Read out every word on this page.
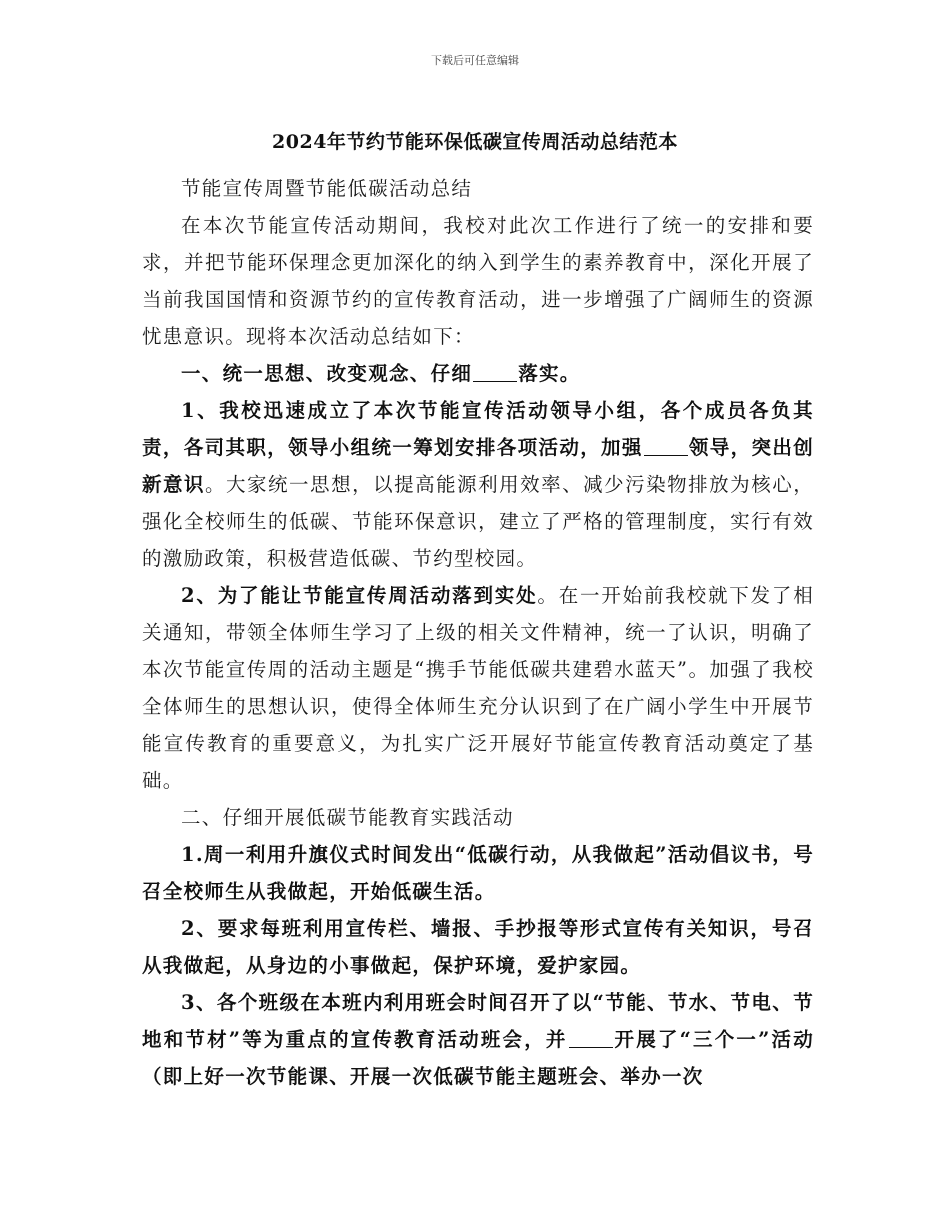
下载后可任意编辑
2024年节约节能环保低碳宣传周活动总结范本

节能宣传周暨节能低碳活动总结

在本次节能宣传活动期间，我校对此次工作进行了统一的安排和要求，并把节能环保理念更加深化的纳入到学生的素养教育中，深化开展了当前我国国情和资源节约的宣传教育活动，进一步增强了广阔师生的资源忧患意识。现将本次活动总结如下：

一、统一思想、改变观念、仔细 落实。

1、我校迅速成立了本次节能宣传活动领导小组，各个成员各负其责，各司其职，领导小组统一筹划安排各项活动，加强 领导，突出创新意识。大家统一思想，以提高能源利用效率、减少污染物排放为核心，强化全校师生的低碳、节能环保意识，建立了严格的管理制度，实行有效的激励政策，积极营造低碳、节约型校园。

2、为了能让节能宣传周活动落到实处。在一开始前我校就下发了相关通知，带领全体师生学习了上级的相关文件精神，统一了认识，明确了本次节能宣传周的活动主题是“携手节能低碳共建碧水蓝天”。加强了我校全体师生的思想认识，使得全体师生充分认识到了在广阔小学生中开展节能宣传教育的重要意义，为扎实广泛开展好节能宣传教育活动奠定了基础。

二、仔细开展低碳节能教育实践活动

1.周一利用升旗仪式时间发出“低碳行动，从我做起”活动倡议书，号召全校师生从我做起，开始低碳生活。

2、要求每班利用宣传栏、墙报、手抄报等形式宣传有关知识，号召从我做起，从身边的小事做起，保护环境，爱护家园。

3、各个班级在本班内利用班会时间召开了以“节能、节水、节电、节地和节材”等为重点的宣传教育活动班会，并 开展了“三个一”活动（即上好一次节能课、开展一次低碳节能主题班会、举办一次
